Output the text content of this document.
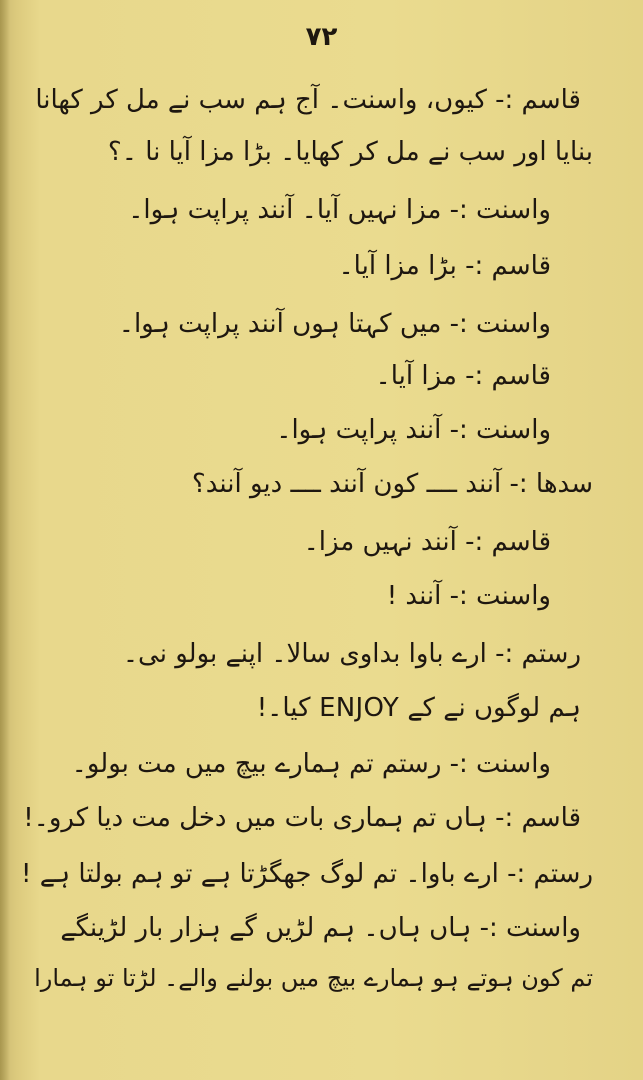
۷۲
قاسم :- کیوں، واسنت۔ آج ہم سب نے مل کر کھانا
بنایا اور سب نے مل کر کھایا۔ بڑا مزا آیا نا ۔؟
واسنت :- مزا نہیں آیا۔ آنند پراپت ہوا۔
قاسم :- بڑا مزا آیا۔
واسنت :- میں کہتا ہوں آنند پراپت ہوا۔
قاسم :- مزا آیا۔
واسنت :- آنند پراپت ہوا۔
سدھا :- آنند ــــ کون آنند ــــ دیو آنند؟
قاسم :- آنند نہیں مزا۔
واسنت :- آنند !
رستم :- ارے باوا بداوی سالا۔ اپنے بولو نی۔
ہم لوگوں نے کے ENJOY کیا۔!
واسنت :- رستم تم ہمارے بیچ میں مت بولو۔
قاسم :- ہاں تم ہماری بات میں دخل مت دیا کرو۔!
رستم :- ارے باوا۔ تم لوگ جھگڑتا ہے تو ہم بولتا ہے !
واسنت :- ہاں ہاں۔ ہم لڑیں گے ہزار بار لڑینگے
تم کون ہوتے ہو ہمارے بیچ میں بولنے والے۔ لڑتا تو ہمارا
